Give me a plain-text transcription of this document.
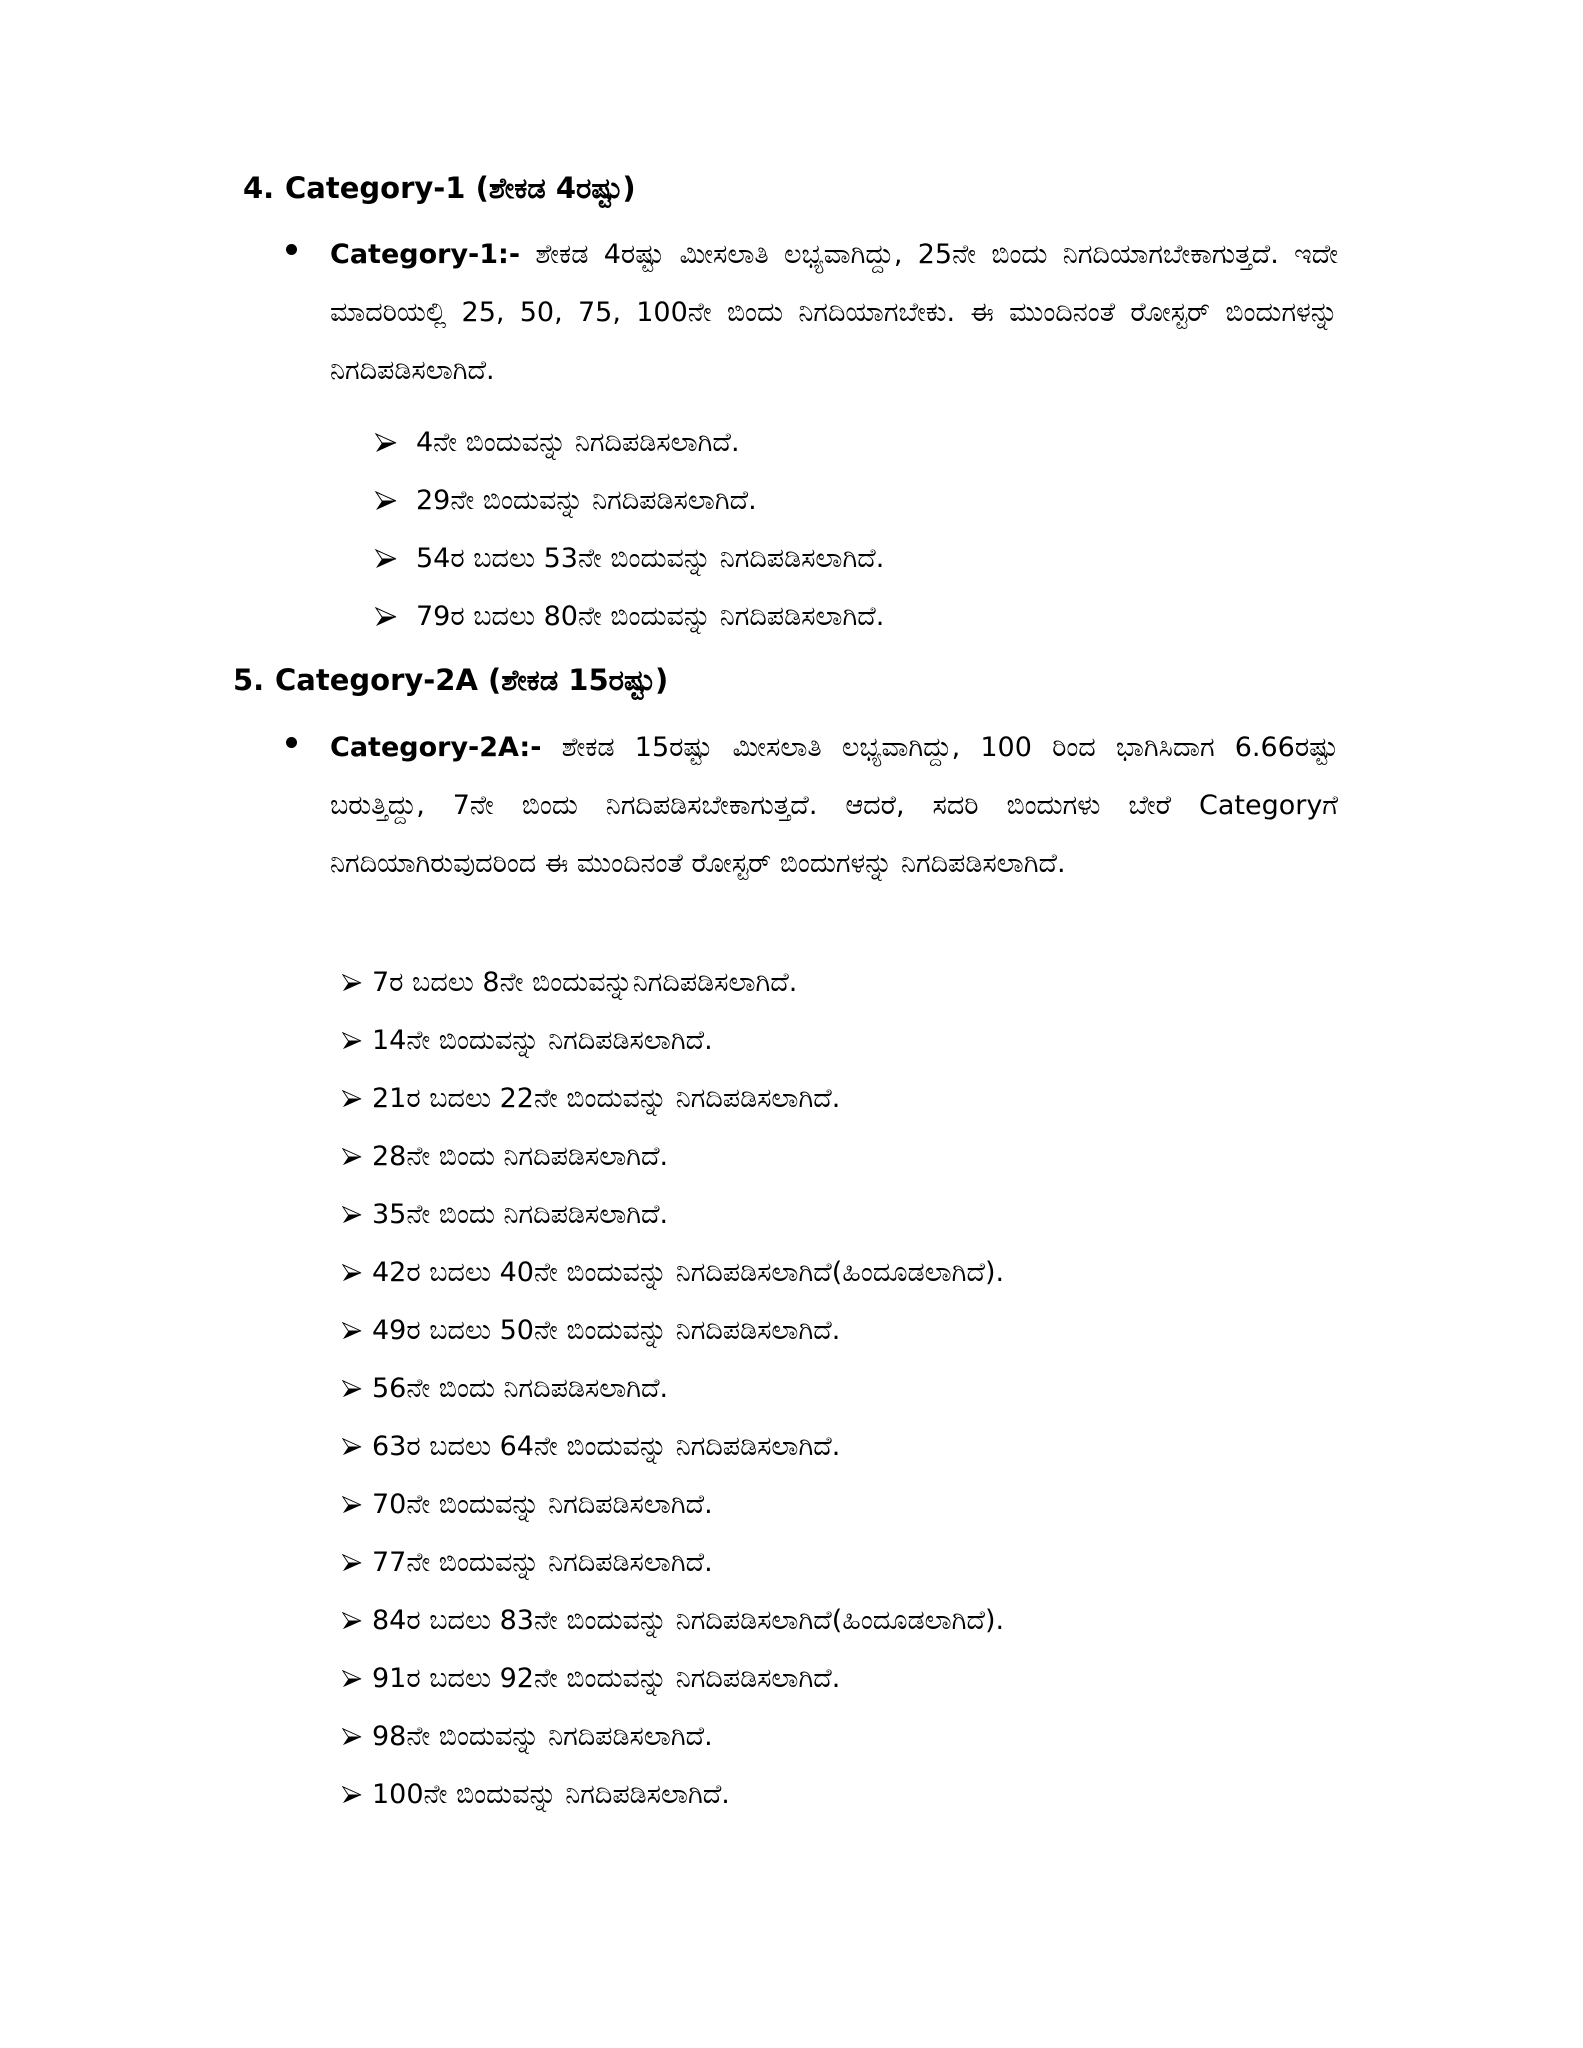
4. Category-1 (ಶೇಕಡ 4ರಷ್ಟು)
Category-1:- ಶೇಕಡ 4ರಷ್ಟು ಮೀಸಲಾತಿ ಲಭ್ಯವಾಗಿದ್ದು, 25ನೇ ಬಿಂದು ನಿಗದಿಯಾಗಬೇಕಾಗುತ್ತದೆ. ಇದೇ ಮಾದರಿಯಲ್ಲಿ 25, 50, 75, 100ನೇ ಬಿಂದು ನಿಗದಿಯಾಗಬೇಕು. ಈ ಮುಂದಿನಂತೆ ರೋಸ್ಟರ್ ಬಿಂದುಗಳನ್ನು ನಿಗದಿಪಡಿಸಲಾಗಿದೆ.
4ನೇ ಬಿಂದುವನ್ನು ನಿಗದಿಪಡಿಸಲಾಗಿದೆ.
29ನೇ ಬಿಂದುವನ್ನು ನಿಗದಿಪಡಿಸಲಾಗಿದೆ.
54ರ ಬದಲು 53ನೇ ಬಿಂದುವನ್ನು ನಿಗದಿಪಡಿಸಲಾಗಿದೆ.
79ರ ಬದಲು 80ನೇ ಬಿಂದುವನ್ನು ನಿಗದಿಪಡಿಸಲಾಗಿದೆ.
5. Category-2A (ಶೇಕಡ 15ರಷ್ಟು)
Category-2A:- ಶೇಕಡ 15ರಷ್ಟು ಮೀಸಲಾತಿ ಲಭ್ಯವಾಗಿದ್ದು, 100 ರಿಂದ ಭಾಗಿಸಿದಾಗ 6.66ರಷ್ಟು ಬರುತ್ತಿದ್ದು, 7ನೇ ಬಿಂದು ನಿಗದಿಪಡಿಸಬೇಕಾಗುತ್ತದೆ. ಆದರೆ, ಸದರಿ ಬಿಂದುಗಳು ಬೇರೆ Categoryಗೆ ನಿಗದಿಯಾಗಿರುವುದರಿಂದ ಈ ಮುಂದಿನಂತೆ ರೋಸ್ಟರ್ ಬಿಂದುಗಳನ್ನು ನಿಗದಿಪಡಿಸಲಾಗಿದೆ.
7ರ ಬದಲು 8ನೇ ಬಿಂದುವನ್ನುನಿಗದಿಪಡಿಸಲಾಗಿದೆ.
14ನೇ ಬಿಂದುವನ್ನು ನಿಗದಿಪಡಿಸಲಾಗಿದೆ.
21ರ ಬದಲು 22ನೇ ಬಿಂದುವನ್ನು ನಿಗದಿಪಡಿಸಲಾಗಿದೆ.
28ನೇ ಬಿಂದು ನಿಗದಿಪಡಿಸಲಾಗಿದೆ.
35ನೇ ಬಿಂದು ನಿಗದಿಪಡಿಸಲಾಗಿದೆ.
42ರ ಬದಲು 40ನೇ ಬಿಂದುವನ್ನು ನಿಗದಿಪಡಿಸಲಾಗಿದೆ(ಹಿಂದೂಡಲಾಗಿದೆ).
49ರ ಬದಲು 50ನೇ ಬಿಂದುವನ್ನು ನಿಗದಿಪಡಿಸಲಾಗಿದೆ.
56ನೇ ಬಿಂದು ನಿಗದಿಪಡಿಸಲಾಗಿದೆ.
63ರ ಬದಲು 64ನೇ ಬಿಂದುವನ್ನು ನಿಗದಿಪಡಿಸಲಾಗಿದೆ.
70ನೇ ಬಿಂದುವನ್ನು ನಿಗದಿಪಡಿಸಲಾಗಿದೆ.
77ನೇ ಬಿಂದುವನ್ನು ನಿಗದಿಪಡಿಸಲಾಗಿದೆ.
84ರ ಬದಲು 83ನೇ ಬಿಂದುವನ್ನು ನಿಗದಿಪಡಿಸಲಾಗಿದೆ(ಹಿಂದೂಡಲಾಗಿದೆ).
91ರ ಬದಲು 92ನೇ ಬಿಂದುವನ್ನು ನಿಗದಿಪಡಿಸಲಾಗಿದೆ.
98ನೇ ಬಿಂದುವನ್ನು ನಿಗದಿಪಡಿಸಲಾಗಿದೆ.
100ನೇ ಬಿಂದುವನ್ನು ನಿಗದಿಪಡಿಸಲಾಗಿದೆ.
